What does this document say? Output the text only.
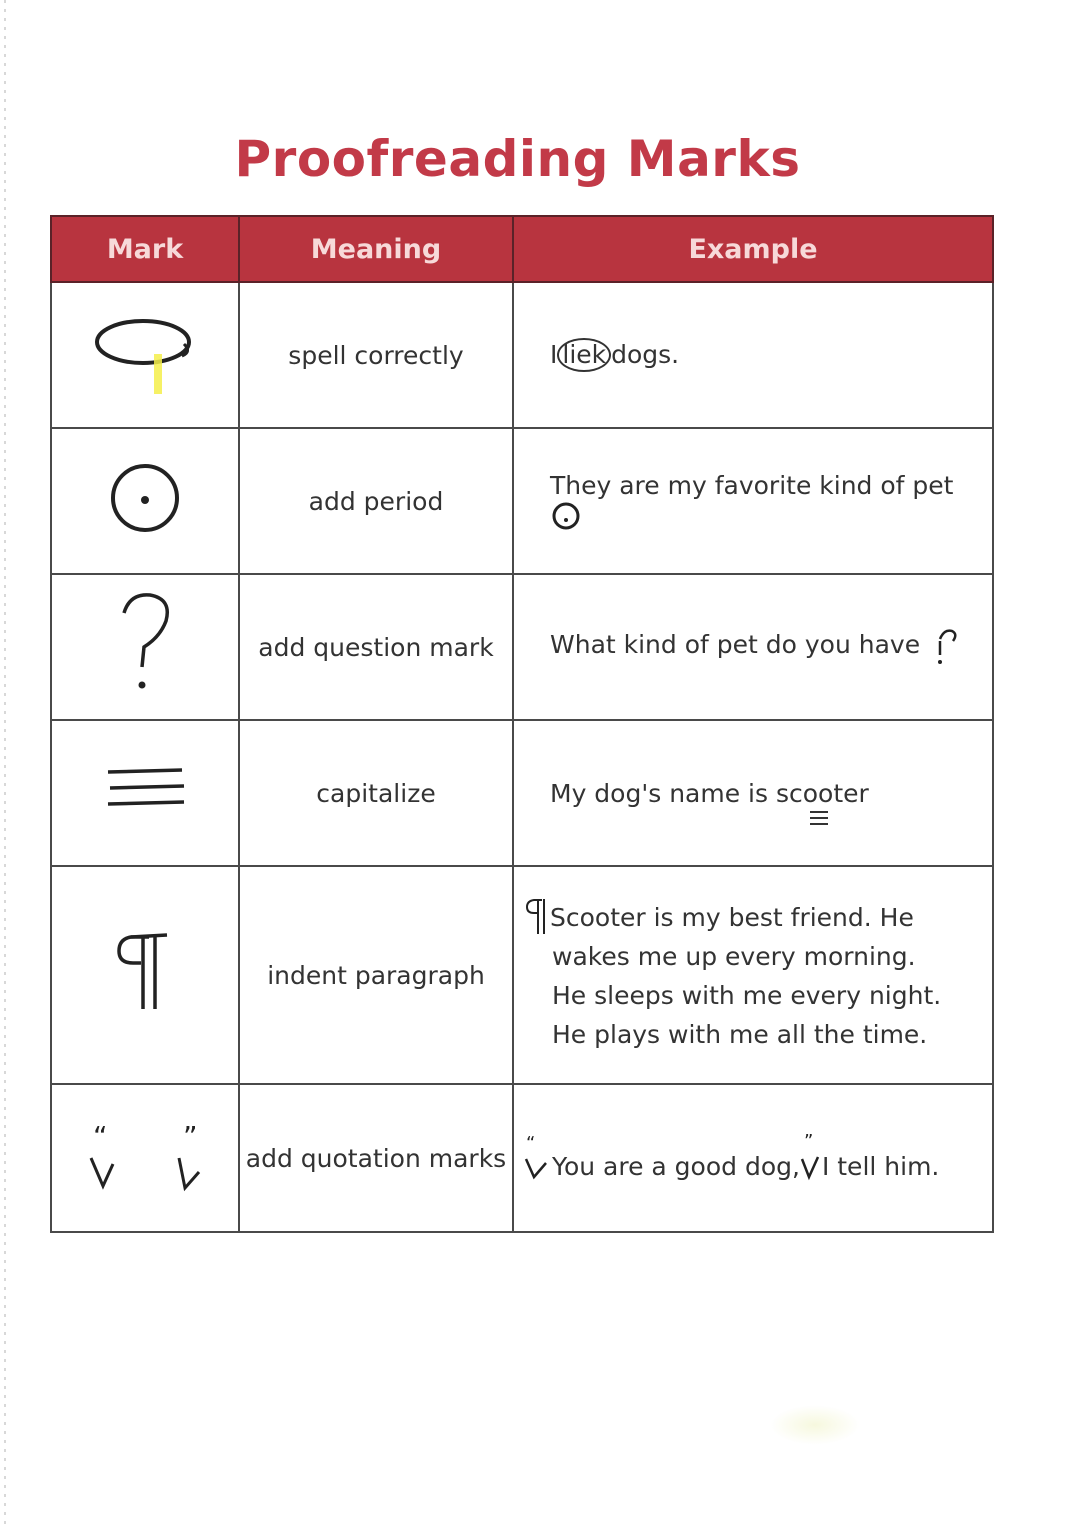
Proofreading Marks
Mark	Meaning	Example
	spell correctly	I liek dogs.
	add period	They are my favorite kind of pet
	add question mark	What kind of pet do you have
	capitalize	My dog's name is scooter

	indent paragraph	Scooter is my best friend. He
wakes me up every morning.
He sleeps with me every night.
He plays with me all the time.

“ ”	add quotation marks	“
You are a good dog,
”
I tell him.
